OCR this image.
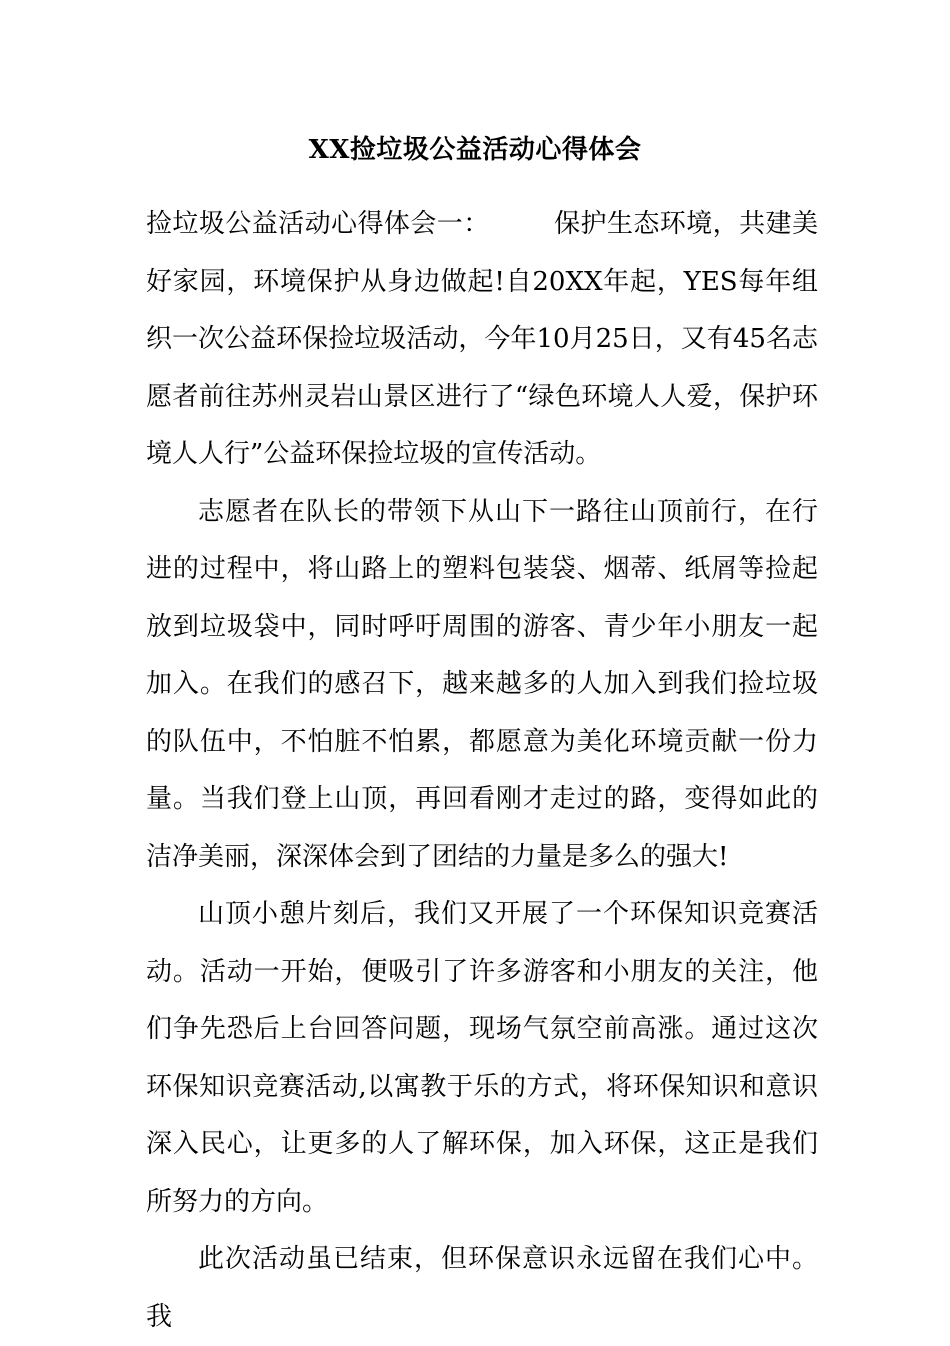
XX捡垃圾公益活动心得体会

捡垃圾公益活动心得体会一： 保护生态环境，共建美好家园，环境保护从身边做起!自20XX年起，YES每年组织一次公益环保捡垃圾活动，今年10月25日，又有45名志愿者前往苏州灵岩山景区进行了“绿色环境人人爱，保护环境人人行”公益环保捡垃圾的宣传活动。

志愿者在队长的带领下从山下一路往山顶前行，在行进的过程中，将山路上的塑料包装袋、烟蒂、纸屑等捡起放到垃圾袋中，同时呼吁周围的游客、青少年小朋友一起加入。在我们的感召下，越来越多的人加入到我们捡垃圾的队伍中，不怕脏不怕累，都愿意为美化环境贡献一份力量。当我们登上山顶，再回看刚才走过的路，变得如此的洁净美丽，深深体会到了团结的力量是多么的强大!

山顶小憩片刻后，我们又开展了一个环保知识竞赛活动。活动一开始，便吸引了许多游客和小朋友的关注，他们争先恐后上台回答问题，现场气氛空前高涨。通过这次环保知识竞赛活动,以寓教于乐的方式，将环保知识和意识深入民心，让更多的人了解环保，加入环保，这正是我们所努力的方向。

此次活动虽已结束，但环保意识永远留在我们心中。我
